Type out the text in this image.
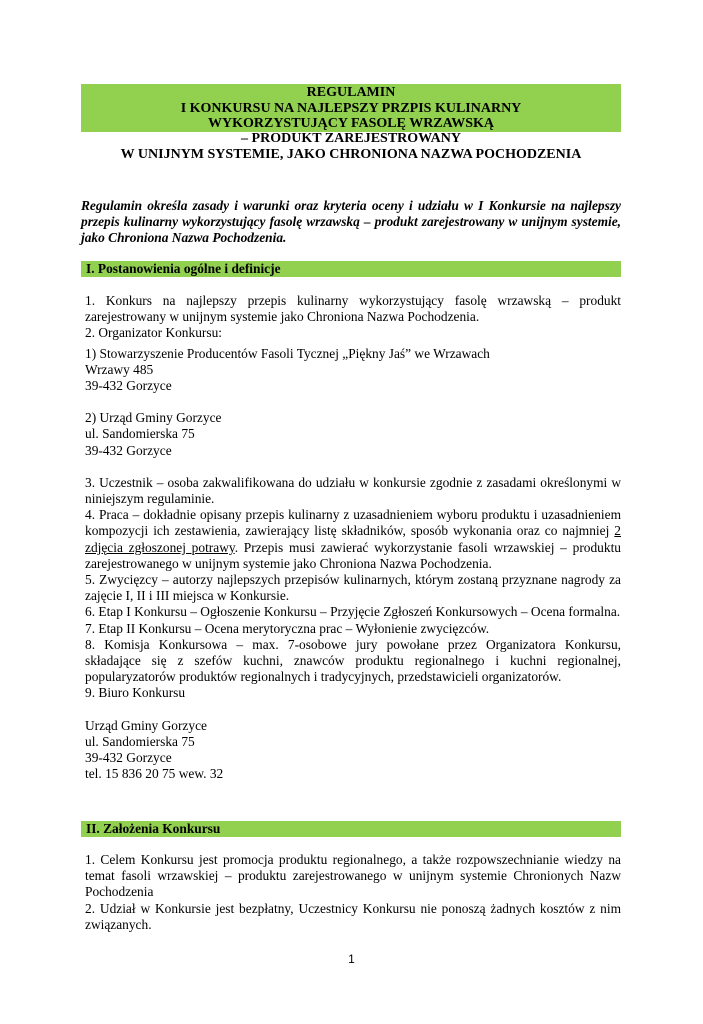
REGULAMIN
I KONKURSU NA NAJLEPSZY PRZPIS KULINARNY
WYKORZYSTUJĄCY FASOLĘ WRZAWSKĄ
– PRODUKT ZAREJESTROWANY
W UNIJNYM SYSTEMIE, JAKO CHRONIONA NAZWA POCHODZENIA
Regulamin określa zasady i warunki oraz kryteria oceny i udziału w I Konkursie na najlepszy przepis kulinarny wykorzystujący fasolę wrzawską – produkt zarejestrowany w unijnym systemie, jako Chroniona Nazwa Pochodzenia.
I. Postanowienia ogólne i definicje

1. Konkurs na najlepszy przepis kulinarny wykorzystujący fasolę wrzawską – produkt zarejestrowany w unijnym systemie jako Chroniona Nazwa Pochodzenia.

2. Organizator Konkursu:

1) Stowarzyszenie Producentów Fasoli Tycznej „Piękny Jaś” we Wrzawach

Wrzawy 485

39-432 Gorzyce

2) Urząd Gminy Gorzyce

ul. Sandomierska 75

39-432 Gorzyce

3. Uczestnik – osoba zakwalifikowana do udziału w konkursie zgodnie z zasadami określonymi w niniejszym regulaminie.

4. Praca – dokładnie opisany przepis kulinarny z uzasadnieniem wyboru produktu i uzasadnieniem kompozycji ich zestawienia, zawierający listę składników, sposób wykonania oraz co najmniej 2 zdjęcia zgłoszonej potrawy. Przepis musi zawierać wykorzystanie fasoli wrzawskiej – produktu zarejestrowanego w unijnym systemie jako Chroniona Nazwa Pochodzenia.

5. Zwycięzcy – autorzy najlepszych przepisów kulinarnych, którym zostaną przyznane nagrody za zajęcie I, II i III miejsca w Konkursie.

6. Etap I Konkursu – Ogłoszenie Konkursu – Przyjęcie Zgłoszeń Konkursowych – Ocena formalna.

7. Etap II Konkursu – Ocena merytoryczna prac – Wyłonienie zwycięzców.

8. Komisja Konkursowa – max. 7-osobowe jury powołane przez Organizatora Konkursu, składające się z szefów kuchni, znawców produktu regionalnego i kuchni regionalnej, popularyzatorów produktów regionalnych i tradycyjnych, przedstawicieli organizatorów.

9. Biuro Konkursu

Urząd Gminy Gorzyce

ul. Sandomierska 75

39-432 Gorzyce

tel. 15 836 20 75 wew. 32

II. Założenia Konkursu

1. Celem Konkursu jest promocja produktu regionalnego, a także rozpowszechnianie wiedzy na temat fasoli wrzawskiej – produktu zarejestrowanego w unijnym systemie Chronionych Nazw Pochodzenia

2. Udział w Konkursie jest bezpłatny, Uczestnicy Konkursu nie ponoszą żadnych kosztów z nim związanych.

1
